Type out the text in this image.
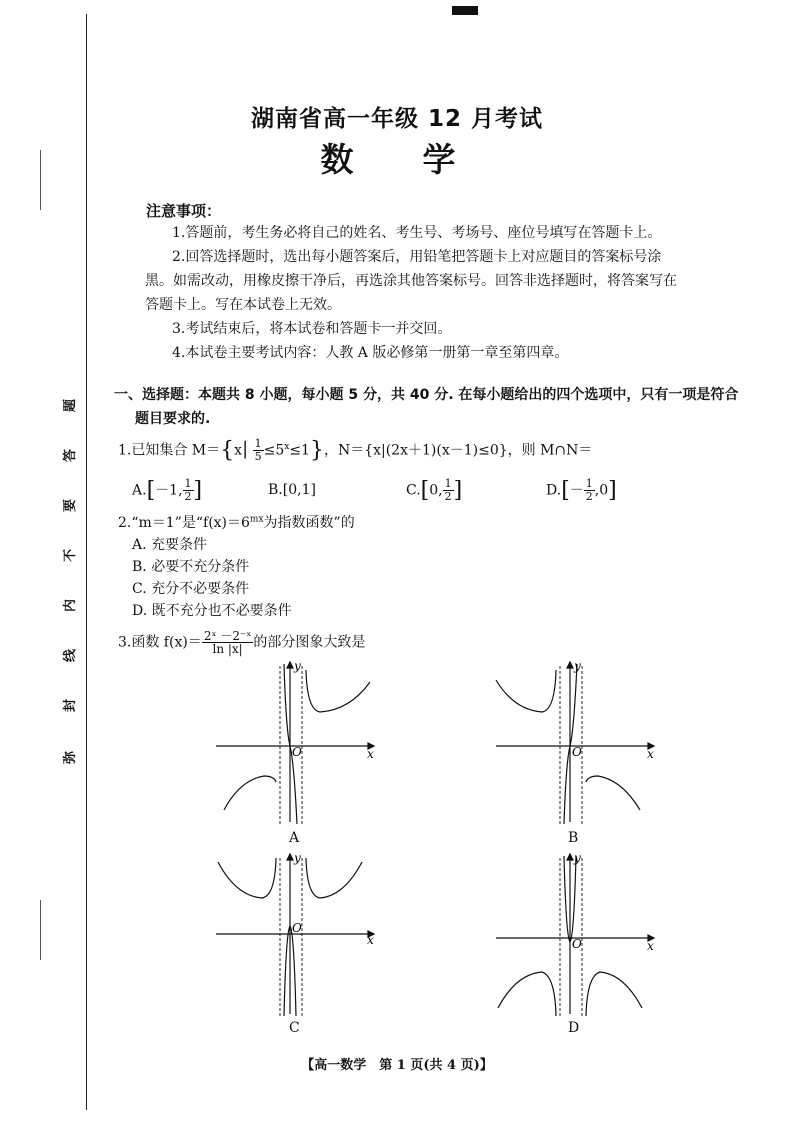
弥
封
线
内
不
要
答
题
湖南省高一年级 12 月考试
数　学
注意事项：
1.答题前，考生务必将自己的姓名、考生号、考场号、座位号填写在答题卡上。
2.回答选择题时，选出每小题答案后，用铅笔把答题卡上对应题目的答案标号涂
黑。如需改动，用橡皮擦干净后，再选涂其他答案标号。回答非选择题时，将答案写在
答题卡上。写在本试卷上无效。
3.考试结束后，将本试卷和答题卡一并交回。
4.本试卷主要考试内容：人教 A 版必修第一册第一章至第四章。
一、选择题：本题共 8 小题，每小题 5 分，共 40 分. 在每小题给出的四个选项中，只有一项是符合
题目要求的.
1.已知集合 $M=\{x| \frac{1}{5} \le 5^x\le 1\}$，N＝{x|(2x＋1)(x－1)≤0}，则 M∩N＝
A.[－1, $\frac{1}{2}$ ]	B.[0,1]	C.[0, $\frac{1}{2}$ ]	$D.[- \frac{1}{2} ,0]$
2.“m＝1”是“$f(x)=6^{mx}$为指数函数”的
A. 充要条件
B. 必要不充分条件
C. 充分不必要条件
D. 既不充分也不必要条件
3.函数 $f(x)= \frac{\text{2ˣ －2⁻ˣ}}{\ln |x|}$ 的部分图象大致是
O	x
y
A
O	x
y
B
O
x
y
C
O	x
y
D
【高一数学　第 1 页(共 4 页)】
